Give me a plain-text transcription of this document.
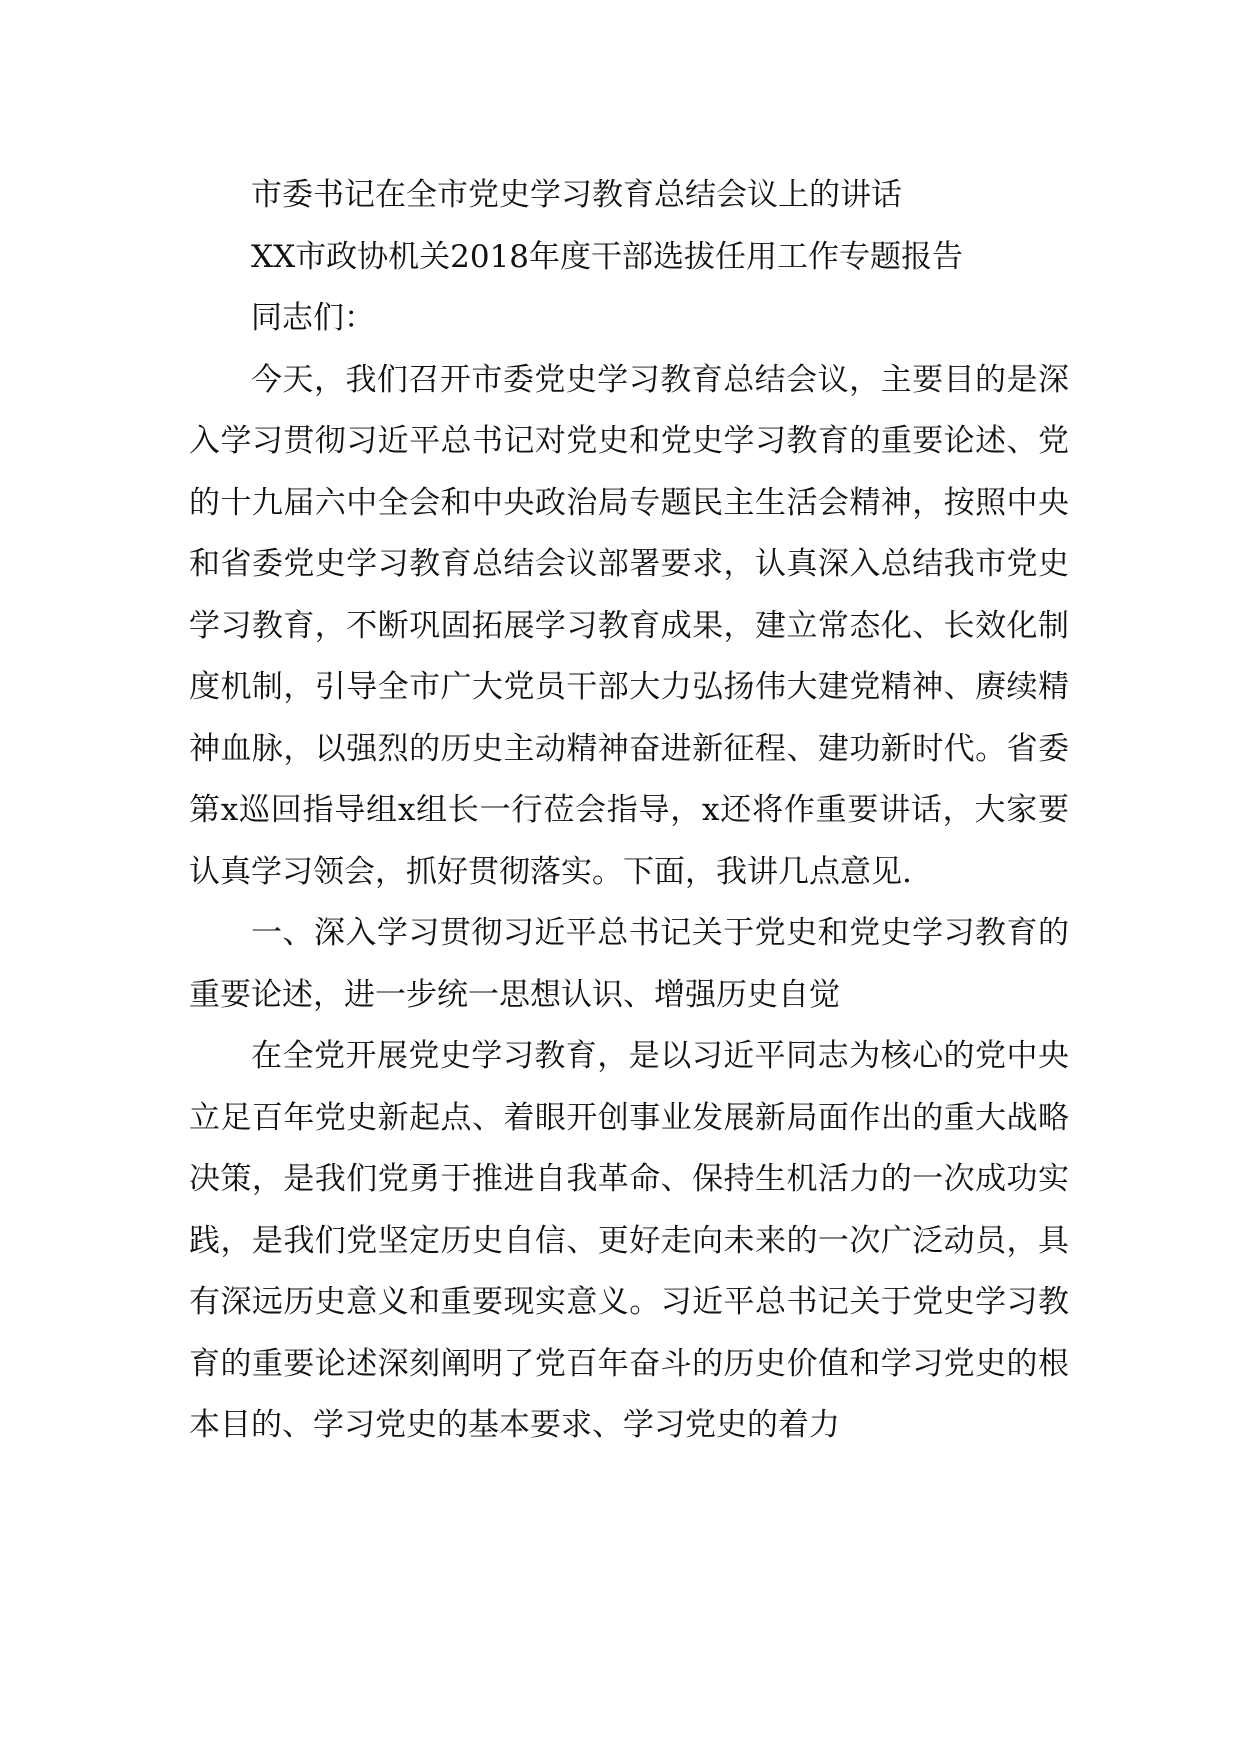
市委书记在全市党史学习教育总结会议上的讲话

XX市政协机关2018年度干部选拔任用工作专题报告

同志们：

今天，我们召开市委党史学习教育总结会议，主要目的是深入学习贯彻习近平总书记对党史和党史学习教育的重要论述、党的十九届六中全会和中央政治局专题民主生活会精神，按照中央和省委党史学习教育总结会议部署要求，认真深入总结我市党史学习教育，不断巩固拓展学习教育成果，建立常态化、长效化制度机制，引导全市广大党员干部大力弘扬伟大建党精神、赓续精神血脉，以强烈的历史主动精神奋进新征程、建功新时代。省委第x巡回指导组x组长一行莅会指导，x还将作重要讲话，大家要认真学习领会，抓好贯彻落实。下面，我讲几点意见.

一、深入学习贯彻习近平总书记关于党史和党史学习教育的重要论述，进一步统一思想认识、增强历史自觉

在全党开展党史学习教育，是以习近平同志为核心的党中央立足百年党史新起点、着眼开创事业发展新局面作出的重大战略决策，是我们党勇于推进自我革命、保持生机活力的一次成功实践，是我们党坚定历史自信、更好走向未来的一次广泛动员，具有深远历史意义和重要现实意义。习近平总书记关于党史学习教育的重要论述深刻阐明了党百年奋斗的历史价值和学习党史的根本目的、学习党史的基本要求、学习党史的着力
